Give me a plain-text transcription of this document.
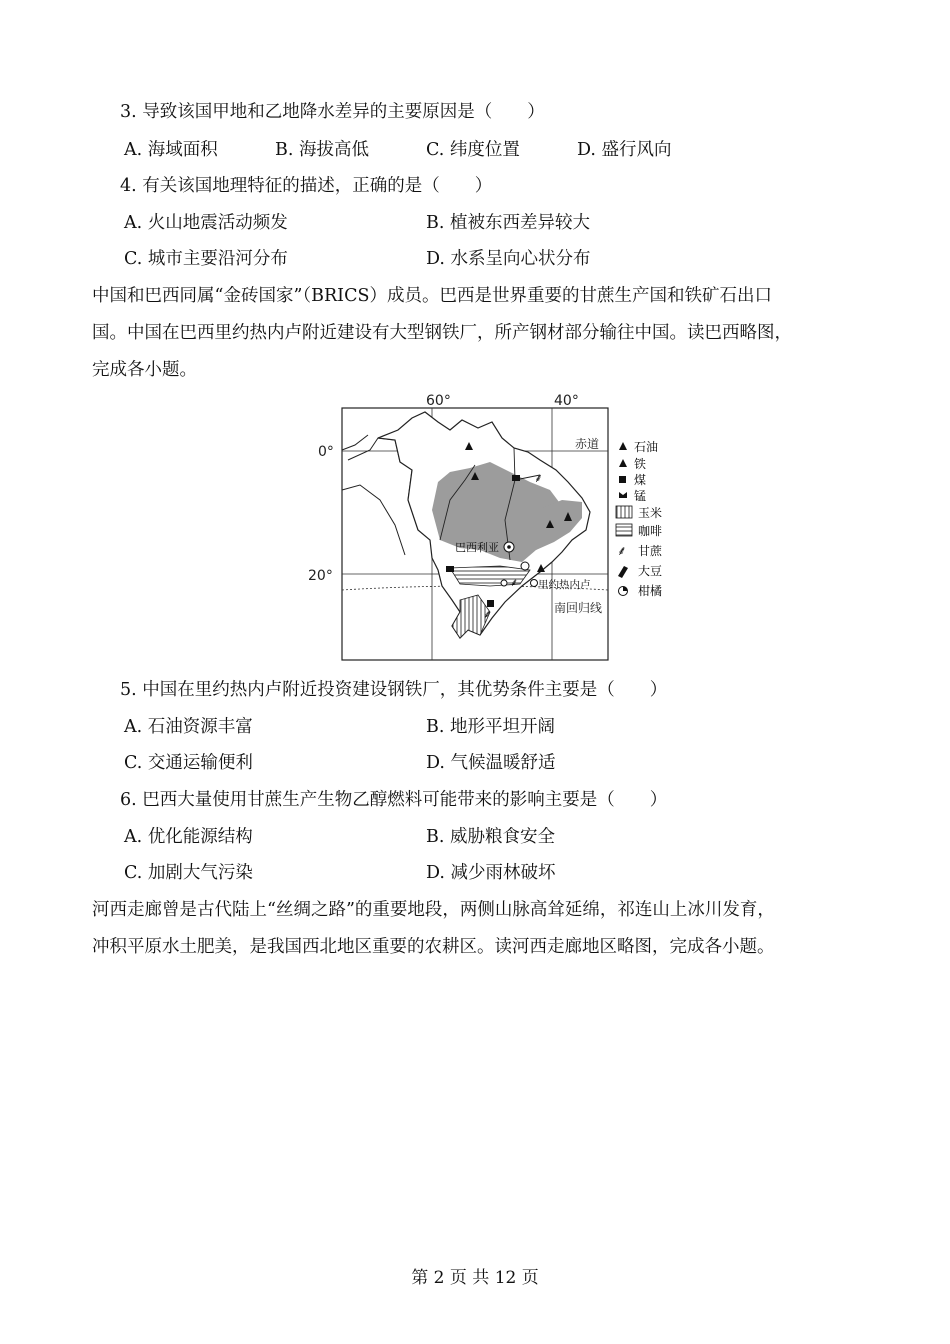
3. 导致该国甲地和乙地降水差异的主要原因是（　　）
A. 海域面积	B. 海拔高低	C. 纬度位置	D. 盛行风向
4. 有关该国地理特征的描述，正确的是（　　）
A. 火山地震活动频发	B. 植被东西差异较大
C. 城市主要沿河分布	D. 水系呈向心状分布
中国和巴西同属“金砖国家”（BRICS）成员。巴西是世界重要的甘蔗生产国和铁矿石出口
国。中国在巴西里约热内卢附近建设有大型钢铁厂，所产钢材部分输往中国。读巴西略图，
完成各小题。
⸙
⸙
⸙
巴西利亚
里约热内卢
60°	40°
0°
20°
赤道
南回归线
石油
铁
煤
锰
玉米
咖啡
⸙ 甘蔗
大豆
柑橘
5. 中国在里约热内卢附近投资建设钢铁厂，其优势条件主要是（　　）
A. 石油资源丰富	B. 地形平坦开阔
C. 交通运输便利	D. 气候温暖舒适
6. 巴西大量使用甘蔗生产生物乙醇燃料可能带来的影响主要是（　　）
A. 优化能源结构	B. 威胁粮食安全
C. 加剧大气污染	D. 减少雨林破坏
河西走廊曾是古代陆上“丝绸之路”的重要地段，两侧山脉高耸延绵，祁连山上冰川发育，
冲积平原水土肥美，是我国西北地区重要的农耕区。读河西走廊地区略图，完成各小题。
第 2 页 共 12 页
